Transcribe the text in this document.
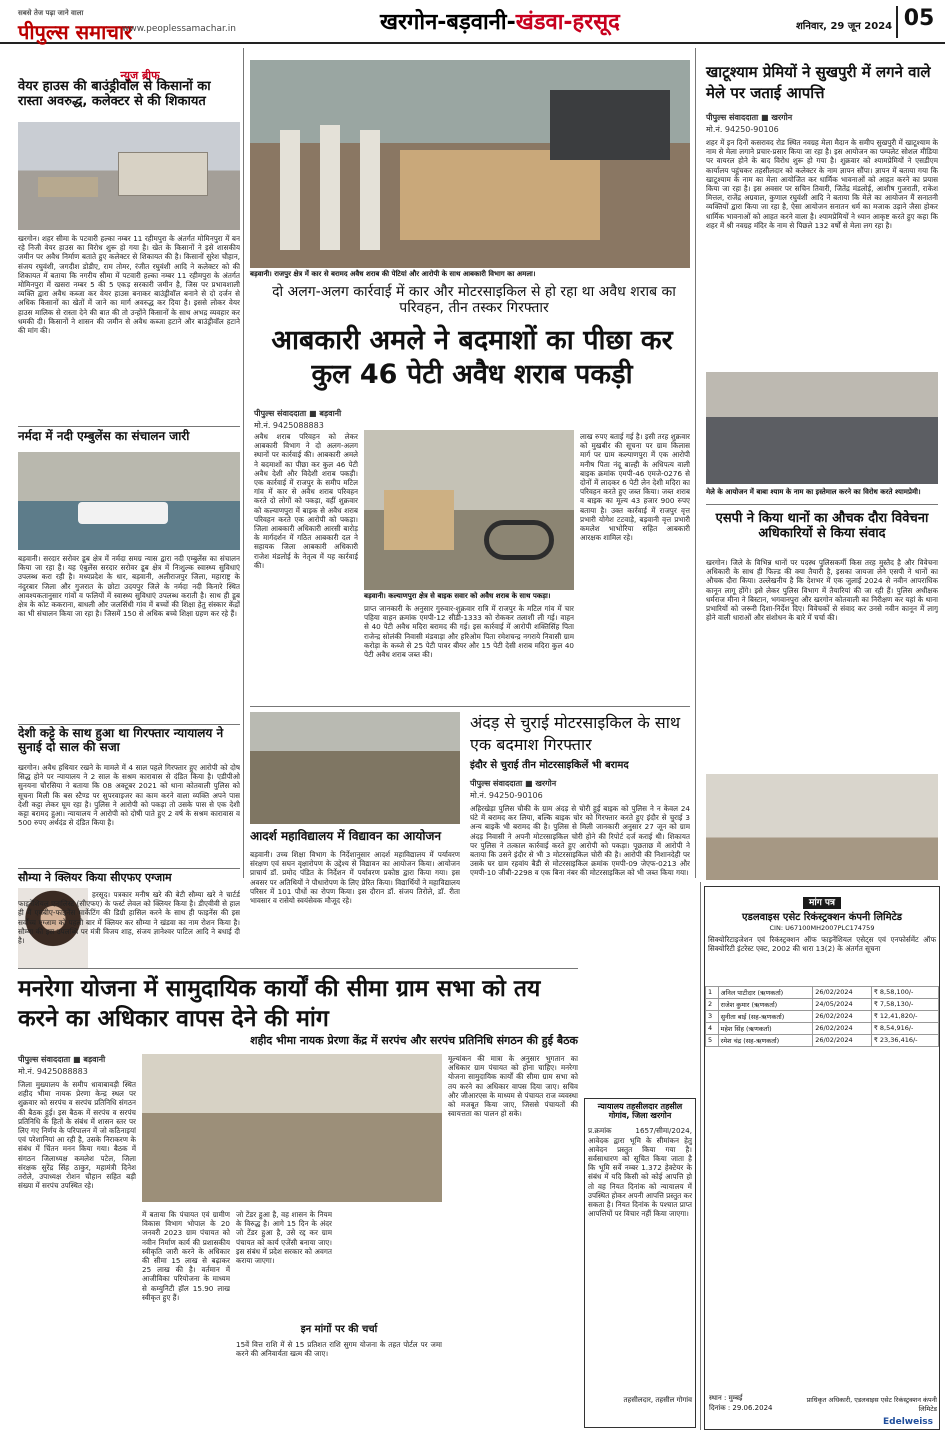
सबसे तेज पढ़ा जाने वाला
पीपुल्स समाचार
www.peoplessamachar.in	खरगोन-बड़वानी-खंडवा-हरसूद	शनिवार, 29 जून 2024 05
न्यूज ब्रीफ
वेयर हाउस की बाउंड्रीवॉल से किसानों का रास्ता अवरुद्ध, कलेक्टर से की शिकायत
खरगोन। शहर सीमा के पटवारी हल्का नम्बर 11 रहीमपुरा के अंतर्गत मोमिनपुरा में बन रहे निजी वेयर हाउस का विरोध शुरू हो गया है। खेत के किसानों ने इसे शासकीय जमीन पर अवैध निर्माण बताते हुए कलेक्टर से शिकायत की है। किसानों सुरेश चौहान, संजय रघुवंशी, जगदीश डोडीए, राम तोमर, रंजीत रघुवंशी आदि ने कलेक्टर को की शिकायत में बताया कि नगरीय सीमा में पटवारी हल्का नम्बर 11 रहीमपुरा के अंतर्गत मोमिनपुरा में खसरा नम्बर 5 की 5 एकड़ सरकारी जमीन है, जिस पर प्रभावशाली व्यक्ति द्वारा अवैध कब्जा कर वेयर हाउस बनाकर बाउंड्रीवॉल बनाने से दो दर्जन से अधिक किसानों का खेतों में जाने का मार्ग अवरुद्ध कर दिया है। इससे लोकर वेयर हाउस मालिक से रास्ता देने की बात की तो उन्होंने किसानों के साथ अभद्र व्यवहार कर धमकी दी। किसानों ने शासन की जमीन से अवैध कब्जा हटाने और बाउंड्रीवॉल हटाने की मांग की।
नर्मदा में नदी एम्बुलेंस का संचालन जारी
बड़वानी। सरदार सरोवर डूब क्षेत्र में नर्मदा समग्र न्यास द्वारा नदी एम्बुलेंस का संचालन किया जा रहा है। यह एंबुलेंस सरदार सरोवर डूब क्षेत्र में निःशुल्क स्वास्थ्य सुविधाएं उपलब्ध करा रही है। मध्यप्रदेश के धार, बड़वानी, अलीराजपुर जिला, महाराष्ट्र के नंदुरबार जिला और गुजरात के छोटा उदयपुर जिले के नर्मदा नदी किनारे स्थित आवश्यकतानुसार गांवों व फलियों में स्वास्थ्य सुविधाएं उपलब्ध कराती है। साथ ही डूब क्षेत्र के कोट ककराना, बाधली और जलसिंधी गांव में बच्चों की शिक्षा हेतु संस्कार केंद्रों का भी संचालन किया जा रहा है। जिसमें 150 से अधिक बच्चे शिक्षा ग्रहण कर रहे हैं।
देशी कट्टे के साथ हुआ था गिरफ्तार न्यायालय ने सुनाई दो साल की सजा
खरगोन। अवैध हथियार रखने के मामले में 4 साल पहले गिरफ्तार हुए आरोपी को दोष सिद्ध होने पर न्यायालय ने 2 साल के सश्रम कारावास से दंडित किया है। एडीपीओ सुनयना चौरसिया ने बताया कि 08 अक्टूबर 2021 को थाना कोतवाली पुलिस को सूचना मिली कि बस स्टैण्ड पर सुपरवाइजर का काम करने वाला व्यक्ति अपने पास देशी कट्टा लेकर घूम रहा है। पुलिस ने आरोपी को पकड़ा तो उसके पास से एक देशी कट्टा बरामद हुआ। न्यायालय ने आरोपी को दोषी पाते हुए 2 वर्ष के सश्रम कारावास व 500 रुपए अर्थदंड से दंडित किया है।
सौम्या ने क्लियर किया सीएफए एग्जाम
हरसूद। पत्रकार मनीष खरे की बेटी सौम्या खरे ने चार्टर्ड फाइनेंशियल एनालिस्ट (सीएफए) के फर्स्ट लेवल को क्लियर किया है। डीएवीवी से हाल ही में एमबीए-फाइनेंस मार्केटिंग की डिग्री हासिल करने के साथ ही फाइनेंस की इस सर्वोच्च एग्जाम को पहली बार में क्लियर कर सौम्या ने खंडवा का नाम रोशन किया है। सौम्या की इस उपलब्धि पर मंत्री विजय शाह, संजय ज्ञानेश्वर पाटिल आदि ने बधाई दी है।
बड़वानी। राजपुर क्षेत्र में कार से बरामद अवैध शराब की पेटियां और आरोपी के साथ आबकारी विभाग का अमला।
दो अलग-अलग कार्रवाई में कार और मोटरसाइकिल से हो रहा था अवैध शराब का परिवहन, तीन तस्कर गिरफ्तार
आबकारी अमले ने बदमाशों का पीछा कर कुल 46 पेटी अवैध शराब पकड़ी
पीपुल्स संवाददाता ■ बड़वानी
मो.नं. 9425088883
अवैध शराब परिवहन को लेकर आबकारी विभाग ने दो अलग-अलग स्थानों पर कार्रवाई की। आबकारी अमले ने बदमाशों का पीछा कर कुल 46 पेटी अवैध देशी और विदेशी शराब पकड़ी। एक कार्रवाई में राजपुर के समीप मटिल गांव में कार से अवैध शराब परिवहन करते दो लोगों को पकड़ा, वहीं शुक्रवार को कल्याणपुरा में बाइक से अवैध शराब परिवहन करते एक आरोपी को पकड़ा। जिला आबकारी अधिकारी आरसी बारोड़ के मार्गदर्शन में गठित आबकारी दल ने सहायक जिला आबकारी अधिकारी राजेश मंडलोई के नेतृत्व में यह कार्रवाई की।
बड़वानी। कल्याणपुरा क्षेत्र से बाइक सवार को अवैध शराब के साथ पकड़ा।
प्राप्त जानकारी के अनुसार गुरुवार-शुक्रवार रात्रि में राजपुर के मटिल गांव में चार पहिया वाहन क्रमांक एमपी-12 सीडी-1333 को रोककर तलाशी ली गई। वाहन से 40 पेटी अवैध मदिरा बरामद की गई। इस कार्रवाई में आरोपी शक्तिसिंह पिता राजेन्द्र सोलंकी निवासी मंडवाड़ा और हरिओम पिता रमेशचन्द्र नगराये निवासी ग्राम करोड़ा के कब्जे से 25 पेटी पावर बीयर और 15 पेटी देसी शराब मदिरा कुल 40 पेटी अवैध शराब जब्त की।
लाख रुपए बताई गई है। इसी तरह शुक्रवार को मुखबीर की सूचना पर ग्राम किलास मार्ग पर ग्राम कल्याणपुरा में एक आरोपी मनीष पिता नंदू बाल्ही के अधिपत्य वाली बाइक क्रमांक एमपी-46 एमजे-0276 से दोनों में लादकर 6 पेटी लेन देशी मदिरा का परिवहन करते हुए जब्त किया। जब्त शराब व बाइक का मूल्य 43 हजार 900 रुपए बताया है। उक्त कार्रवाई में राजपुर वृत्त प्रभारी योगेश टटवाड़े, बड़वानी वृत्त प्रभारी कमलेश भाभोरिया सहित आबकारी आरक्षक शामिल रहे।
खाटूश्याम प्रेमियों ने सुखपुरी में लगने वाले मेले पर जताई आपत्ति
पीपुल्स संवाददाता ■ खरगोन
मो.नं. 94250-90106
शहर में इन दिनों कसरावद रोड स्थित नवग्रह मेला मैदान के समीप सुखपुरी में खाटूश्याम के नाम से मेला लगाने प्रचार-प्रसार किया जा रहा है। इस आयोजन का पम्पलेट सोशल मीडिया पर वायरल होने के बाद विरोध शुरू हो गया है। शुक्रवार को श्यामप्रेमियों ने एसडीएम कार्यालय पहुंचकर तहसीलदार को कलेक्टर के नाम ज्ञापन सौंपा। ज्ञापन में बताया गया कि खाटूश्याम के नाम का मेला आयोजित कर धार्मिक भावनाओं को आहत करने का प्रयास किया जा रहा है। इस अवसर पर सचिन तिवारी, जितेंद्र मंडलोई, आशीष गुजराती, राकेश मित्तल, राजेंद्र अग्रवाल, कुणाल रघुवंशी आदि ने बताया कि मेले का आयोजन मैं सनातनी व्यक्तियों द्वारा किया जा रहा है, ऐसा आयोजन सनातन धर्म का मजाक उड़ाने जैसा होकर धार्मिक भावनाओं को आहत करने वाला है। श्यामप्रेमियों ने ध्यान आकृष्ट करते हुए कहा कि शहर में श्री नवग्रह मंदिर के नाम से पिछले 132 वर्षों से मेला लग रहा है।
मेले के आयोजन में बाबा श्याम के नाम का इस्तेमाल करने का विरोध करते श्यामप्रेमी।
एसपी ने किया थानों का औचक दौरा विवेचना अधिकारियों से किया संवाद
खरगोन। जिले के विभिन्न थानों पर पदस्थ पुलिसकर्मी किस तरह मुस्तैद है और विवेचना अधिकारी के साथ ही फिल्ड की क्या तैयारी है, इसका जायजा लेने एसपी ने थानों का औचक दौरा किया। उल्लेखनीय है कि देशभर में एक जुलाई 2024 से नवीन आपराधिक कानून लागू होंगे। इसे लेकर पुलिस विभाग में तैयारियां की जा रही हैं। पुलिस अधीक्षक धर्मराज मीना ने बिस्टान, भगवानपुरा और खरगोन कोतवाली का निरीक्षण कर यहां के थाना प्रभारियों को जरूरी दिशा-निर्देश दिए। विवेचकों से संवाद कर उनसे नवीन कानून में लागू होने वाली धाराओं और संशोधन के बारे में चर्चा की।
आदर्श महाविद्यालय में विद्यावन का आयोजन
बड़वानी। उच्च शिक्षा विभाग के निर्देशानुसार आदर्श महाविद्यालय में पर्यावरण संरक्षण एवं सघन वृक्षारोपण के उद्देश्य से विद्यावन का आयोजन किया। आयोजन प्राचार्य डॉ. प्रमोद पंडित के निर्देशन में पर्यावरण प्रकोष्ठ द्वारा किया गया। इस अवसर पर अतिथियों ने पौधारोपण के लिए प्रेरित किया। विद्यार्थियों ने महाविद्यालय परिसर में 101 पौधों का रोपण किया। इस दौरान डॉ. संजय तिरोले, डॉ. रीता भावसार व रासेयो स्वयंसेवक मौजूद रहे।
अंदड़ से चुराई मोटरसाइकिल के साथ एक बदमाश गिरफ्तार
इंदौर से चुराई तीन मोटरसाइकिलें भी बरामद
पीपुल्स संवाददाता ■ खरगोन
मो.नं. 94250-90106
अहिरखेड़ा पुलिस चौकी के ग्राम अंदड़ से चोरी हुई बाइक को पुलिस ने न केवल 24 घंटे में बरामद कर लिया, बल्कि बाइक चोर को गिरफ्तार करते हुए इंदौर से चुराई 3 अन्य बाइकें भी बरामद की है। पुलिस से मिली जानकारी अनुसार 27 जून को ग्राम अंदड़ निवासी ने अपनी मोटरसाइकिल चोरी होने की रिपोर्ट दर्ज कराई थी। शिकायत पर पुलिस ने तत्काल कार्रवाई करते हुए आरोपी को पकड़ा। पूछताछ में आरोपी ने बताया कि उसने इंदौर से भी 3 मोटरसाइकिल चोरी की है। आरोपी की निशानदेही पर उसके घर ग्राम रहवांय बैडी से मोटरसाइकिल क्रमांक एमपी-09 जेएफ-0213 और एमपी-10 जीबी-2298 व एक बिना नंबर की मोटरसाइकिल को भी जब्त किया गया।
मनरेगा योजना में सामुदायिक कार्यों की सीमा ग्राम सभा को तय करने का अधिकार वापस देने की मांग
शहीद भीमा नायक प्रेरणा केंद्र में सरपंच और सरपंच प्रतिनिधि संगठन की हुई बैठक
पीपुल्स संवाददाता ■ बड़वानी
मो.नं. 9425088883
जिला मुख्यालय के समीप धावाबावड़ी स्थित शहीद भीमा नायक प्रेरणा केन्द्र स्थल पर शुक्रवार को सरपंच व सरपंच प्रतिनिधि संगठन की बैठक हुई। इस बैठक में सरपंच व सरपंच प्रतिनिधि के हितों के संबंध में शासन स्तर पर लिए गए निर्णय के परिपालन में जो कठिनाइयां एवं परेशानियां आ रही है, उसके निराकरण के संबंध में चिंतन मनन किया गया। बैठक में संगठन जिलाध्यक्ष कमलेश पटेल, जिला संरक्षक सुरेंद्र सिंह ठाकुर, महामंत्री दिनेश तरोले, उपाध्यक्ष रोशन चौहान सहित बड़ी संख्या में सरपंच उपस्थित रहे।
में बताया कि पंचायत एवं ग्रामीण विकास विभाग भोपाल के 20 जनवरी 2023 ग्राम पंचायत को नवीन निर्माण कार्य की प्रशासकीय स्वीकृति जारी करने के अधिकार की सीमा 15 लाख से बढ़ाकर 25 लाख की है। वर्तमान में आजीविका परियोजना के माध्यम से कम्युनिटी हॉल 15.90 लाख स्वीकृत हुए हैं।
जो टेंडर हुआ है, वह शासन के नियम के विरुद्ध है। आगे 15 दिन के अंदर जो टेंडर हुआ है, उसे रद्द कर ग्राम पंचायत को कार्य एजेंसी बनाया जाए। इस संबंध में प्रदेश सरकार को अवगत कराया जाएगा।
इन मांगों पर की चर्चा
15वें वित्त राशि में से 15 प्रतिशत राशि सुगम योजना के तहत पोर्टल पर जमा करने की अनिवार्यता खत्म की जाए।
मूल्यांकन की मात्रा के अनुसार भुगतान का अधिकार ग्राम पंचायत को होना चाहिए। मनरेगा योजना सामुदायिक कार्यों की सीमा ग्राम सभा को तय करने का अधिकार वापस दिया जाए। सचिव और जीआरएस के माध्यम से पंचायत राज व्यवस्था को मजबूत किया जाए, जिससे पंचायतों की स्वायत्तता का पालन हो सके।
न्यायालय तहसीलदार तहसील गोगांव, जिला खरगोन
प्र.क्रमांक 1657/सीमा/2024, आवेदक द्वारा भूमि के सीमांकन हेतु आवेदन प्रस्तुत किया गया है। सर्वसाधारण को सूचित किया जाता है कि भूमि सर्वे नम्बर 1.372 हेक्टेयर के संबंध में यदि किसी को कोई आपत्ति हो तो वह नियत दिनांक को न्यायालय में उपस्थित होकर अपनी आपत्ति प्रस्तुत कर सकता है। नियत दिनांक के पश्चात प्राप्त आपत्तियों पर विचार नहीं किया जाएगा।
तहसीलदार, तहसील गोगांव
मांग पत्र
एडलवाइस एसेट रिकंस्ट्रक्शन कंपनी लिमिटेड
CIN: U67100MH2007PLC174759
सिक्योरिटाइजेशन एवं रिकंस्ट्रक्शन ऑफ फाइनेंशियल एसेट्स एवं एनफोर्समेंट ऑफ सिक्योरिटी इंटरेस्ट एक्ट, 2002 की धारा 13(2) के अंतर्गत सूचना
1	अनिल पाटीदार (ऋणकर्ता)	26/02/2024	₹ 8,58,100/-
2	राजेश कुमार (ऋणकर्ता)	24/05/2024	₹ 7,58,130/-
3	सुनीता बाई (सह-ऋणकर्ता)	26/02/2024	₹ 12,41,820/-
4	महेश सिंह (ऋणकर्ता)	26/02/2024	₹ 8,54,916/-
5	रमेश चंद्र (सह-ऋणकर्ता)	26/02/2024	₹ 23,36,416/-
स्थान : मुम्बई
दिनांक : 29.06.2024
प्राधिकृत अधिकारी, एडलवाइस एसेट रिकंस्ट्रक्शन कंपनी लिमिटेड
Edelweiss
